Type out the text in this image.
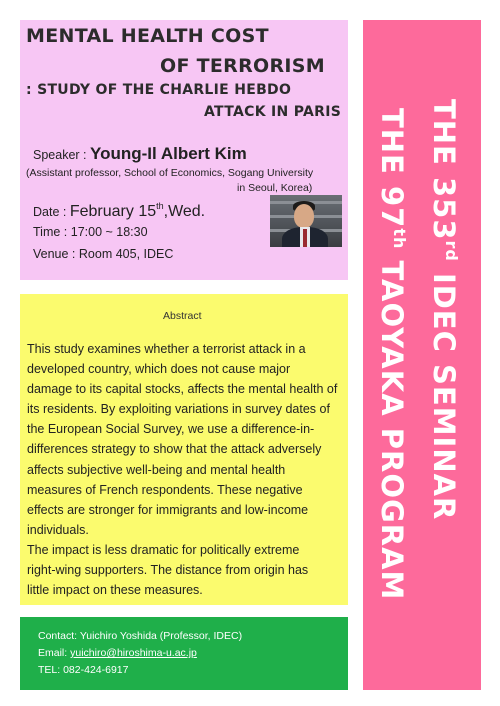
MENTAL HEALTH COST
OF TERRORISM
: STUDY OF THE CHARLIE HEBDO
ATTACK IN PARIS
Speaker : Young-Il Albert Kim
(Assistant professor, School of Economics, Sogang University
in Seoul, Korea)
Date : February 15th,Wed.
Time : 17:00 ~ 18:30
Venue : Room 405, IDEC
Abstract

This study examines whether a terrorist attack in a

developed country, which does not cause major

damage to its capital stocks, affects the mental health of

its residents. By exploiting variations in survey dates of

the European Social Survey, we use a difference-in-

differences strategy to show that the attack adversely

affects subjective well-being and mental health

measures of French respondents. These negative

effects are stronger for immigrants and low-income

individuals.

The impact is less dramatic for politically extreme

right-wing supporters. The distance from origin has

little impact on these measures.

Contact: Yuichiro Yoshida (Professor, IDEC)
Email: yuichiro@hiroshima-u.ac.jp
TEL: 082-424-6917
THE 353rd IDEC SEMINAR
THE 97th TAOYAKA PROGRAM
